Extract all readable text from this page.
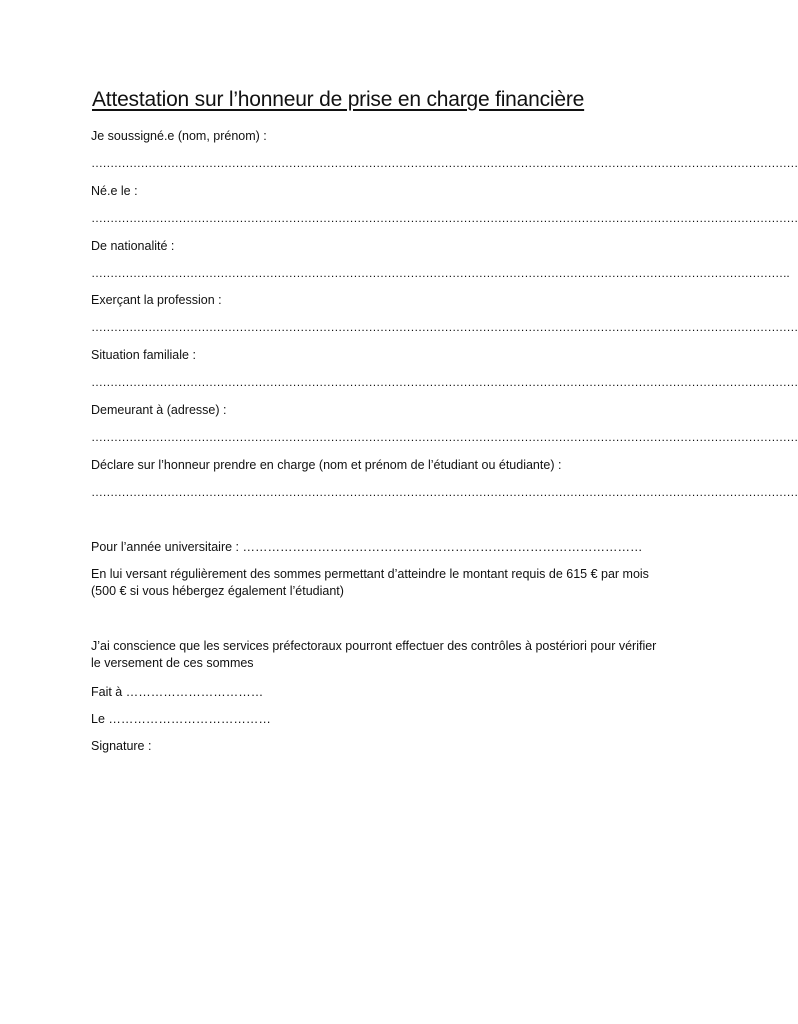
Attestation sur l’honneur de prise en charge financière
Je soussigné.e (nom, prénom) :
……………………………………………………………………………………………………………………………………………………………………
Né.e le :
……………………………………………………………………………………………………………………………………………………………………
De nationalité :
………………………………………………………………………………………………………………………………………………………………….
Exerçant la profession :
……………………………………………………………………………………………………………………………………………………………………
Situation familiale :
……………………………………………………………………………………………………………………………………………………………………
Demeurant à (adresse) :
……………………………………………………………………………………………………………………………………………………………………
Déclare sur l’honneur prendre en charge (nom et prénom de l’étudiant ou étudiante) :
……………………………………………………………………………………………………………………………………………………………………
Pour l’année universitaire : ……………………………………………………………………………………
En lui versant régulièrement des sommes permettant d’atteindre le montant requis de 615 € par mois (500 € si vous hébergez également l’étudiant)
J’ai conscience que les services préfectoraux pourront effectuer des contrôles à postériori pour vérifier le versement de ces sommes
Fait à ……………………………
Le …………………………………
Signature :
